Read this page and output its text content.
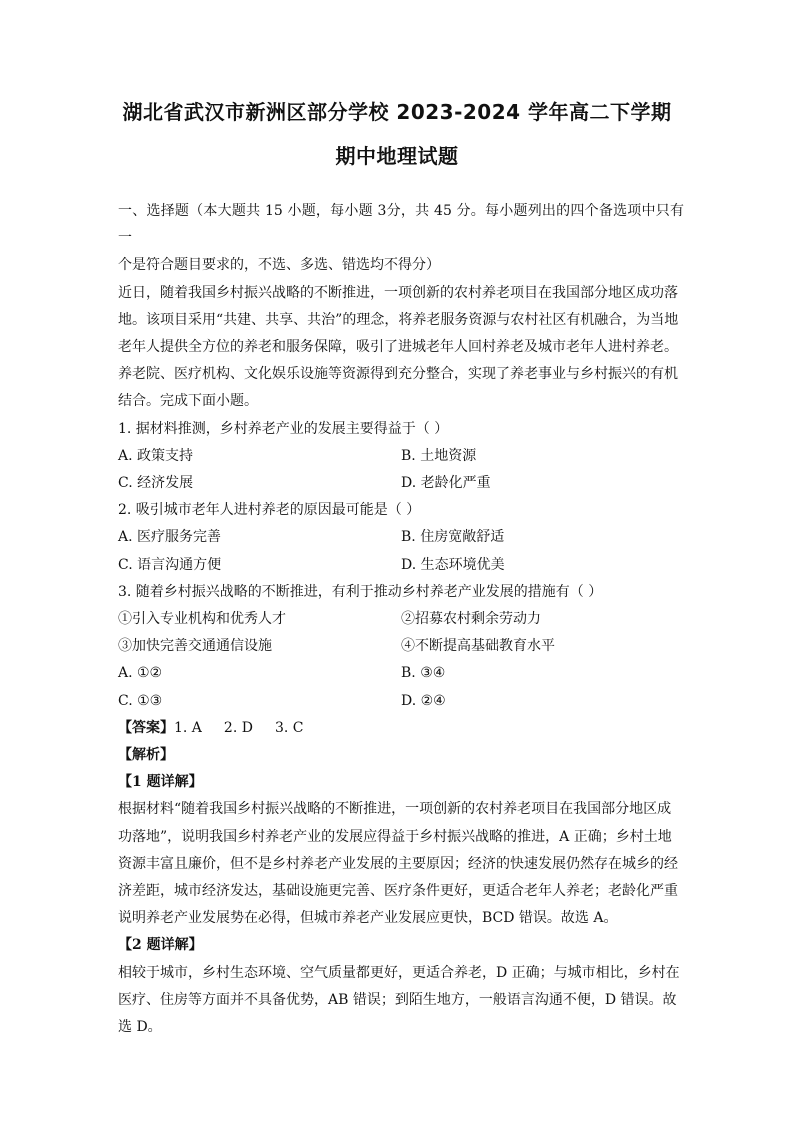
湖北省武汉市新洲区部分学校 2023-2024 学年高二下学期
期中地理试题

一、选择题（本大题共 15 小题，每小题 3分，共 45 分。每小题列出的四个备选项中只有一

个是符合题目要求的，不选、多选、错选均不得分）

近日，随着我国乡村振兴战略的不断推进，一项创新的农村养老项目在我国部分地区成功落

地。该项目采用“共建、共享、共治”的理念，将养老服务资源与农村社区有机融合，为当地

老年人提供全方位的养老和服务保障，吸引了进城老年人回村养老及城市老年人进村养老。

养老院、医疗机构、文化娱乐设施等资源得到充分整合，实现了养老事业与乡村振兴的有机

结合。完成下面小题。

1. 据材料推测，乡村养老产业的发展主要得益于（ ）

A. 政策支持	B. 土地资源
C. 经济发展	D. 老龄化严重

2. 吸引城市老年人进村养老的原因最可能是（ ）

A. 医疗服务完善	B. 住房宽敞舒适
C. 语言沟通方便	D. 生态环境优美

3. 随着乡村振兴战略的不断推进，有利于推动乡村养老产业发展的措施有（ ）

①引入专业机构和优秀人才	②招募农村剩余劳动力
③加快完善交通通信设施	④不断提高基础教育水平
A. ①②	B. ③④
C. ①③	D. ②④

【答案】1. A 2. D 3. C

【解析】

【1 题详解】

根据材料“随着我国乡村振兴战略的不断推进，一项创新的农村养老项目在我国部分地区成

功落地”，说明我国乡村养老产业的发展应得益于乡村振兴战略的推进，A 正确；乡村土地

资源丰富且廉价，但不是乡村养老产业发展的主要原因；经济的快速发展仍然存在城乡的经

济差距，城市经济发达，基础设施更完善、医疗条件更好，更适合老年人养老；老龄化严重

说明养老产业发展势在必得，但城市养老产业发展应更快，BCD 错误。故选 A。

【2 题详解】

相较于城市，乡村生态环境、空气质量都更好，更适合养老，D 正确；与城市相比，乡村在

医疗、住房等方面并不具备优势，AB 错误；到陌生地方，一般语言沟通不便，D 错误。故

选 D。
